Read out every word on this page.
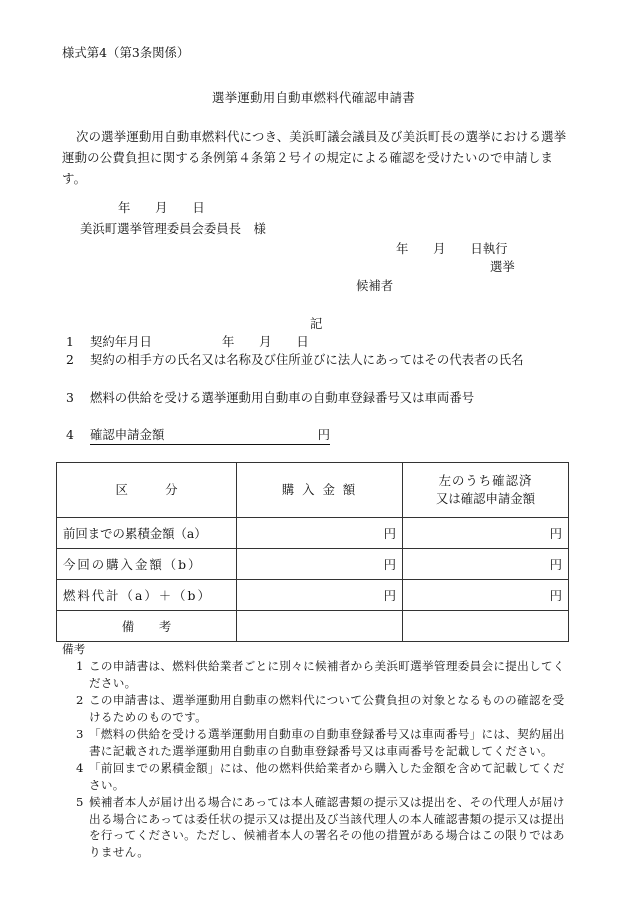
様式第4（第3条関係）
選挙運動用自動車燃料代確認申請書
次の選挙運動用自動車燃料代につき、美浜町議会議員及び美浜町長の選挙における選挙運動の公費負担に関する条例第４条第２号イの規定による確認を受けたいので申請します。
年　　月　　日
美浜町選挙管理委員会委員長　様
年　　月　　日執行
選挙
候補者
記
1 契約年月日	年　　月　　日
2 契約の相手方の氏名又は名称及び住所並びに法人にあってはその代表者の氏名
3 燃料の供給を受ける選挙運動用自動車の自動車登録番号又は車両番号
4 確認申請金額	円
区　　　分	購 入 金 額	左のうち確認済
又は確認申請金額

前回までの累積金額（a）	円	円
今回の購入金額（b）	円	円
燃料代計（a）＋（b）	円	円
備　　考		
備考
1 この申請書は、燃料供給業者ごとに別々に候補者から美浜町選挙管理委員会に提出してください。
2 この申請書は、選挙運動用自動車の燃料代について公費負担の対象となるものの確認を受けるためのものです。
3 「燃料の供給を受ける選挙運動用自動車の自動車登録番号又は車両番号」には、契約届出書に記載された選挙運動用自動車の自動車登録番号又は車両番号を記載してください。
4 「前回までの累積金額」には、他の燃料供給業者から購入した金額を含めて記載してください。
5 候補者本人が届け出る場合にあっては本人確認書類の提示又は提出を、その代理人が届け出る場合にあっては委任状の提示又は提出及び当該代理人の本人確認書類の提示又は提出を行ってください。ただし、候補者本人の署名その他の措置がある場合はこの限りではありません。
